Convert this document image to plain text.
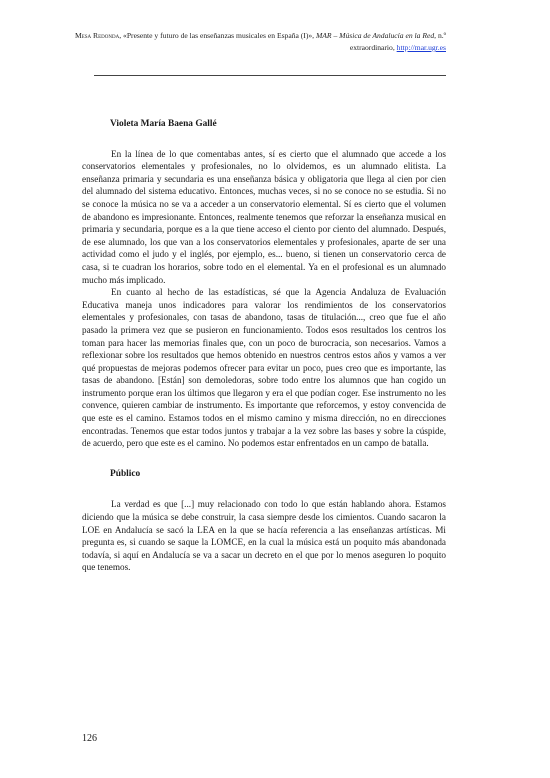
Mesa Redonda, «Presente y futuro de las enseñanzas musicales en España (I)», MAR – Música de Andalucía en la Red, n.º extraordinario, http://mar.ugr.es
Violeta María Baena Gallé

En la línea de lo que comentabas antes, sí es cierto que el alumnado que accede a los conservatorios elementales y profesionales, no lo olvidemos, es un alumnado elitista. La enseñanza primaria y secundaria es una enseñanza básica y obligatoria que llega al cien por cien del alumnado del sistema educativo. Entonces, muchas veces, si no se conoce no se estudia. Si no se conoce la música no se va a acceder a un conservatorio elemental. Sí es cierto que el volumen de abandono es impresionante. Entonces, realmente tenemos que reforzar la enseñanza musical en primaria y secundaria, porque es a la que tiene acceso el ciento por ciento del alumnado. Después, de ese alumnado, los que van a los conservatorios elementales y profesionales, aparte de ser una actividad como el judo y el inglés, por ejemplo, es... bueno, si tienen un conservatorio cerca de casa, si te cuadran los horarios, sobre todo en el elemental. Ya en el profesional es un alumnado mucho más implicado.

En cuanto al hecho de las estadísticas, sé que la Agencia Andaluza de Evaluación Educativa maneja unos indicadores para valorar los rendimientos de los conservatorios elementales y profesionales, con tasas de abandono, tasas de titulación..., creo que fue el año pasado la primera vez que se pusieron en funcionamiento. Todos esos resultados los centros los toman para hacer las memorias finales que, con un poco de burocracia, son necesarios. Vamos a reflexionar sobre los resultados que hemos obtenido en nuestros centros estos años y vamos a ver qué propuestas de mejoras podemos ofrecer para evitar un poco, pues creo que es importante, las tasas de abandono. [Están] son demoledoras, sobre todo entre los alumnos que han cogido un instrumento porque eran los últimos que llegaron y era el que podían coger. Ese instrumento no les convence, quieren cambiar de instrumento. Es importante que reforcemos, y estoy convencida de que este es el camino. Estamos todos en el mismo camino y misma dirección, no en direcciones encontradas. Tenemos que estar todos juntos y trabajar a la vez sobre las bases y sobre la cúspide, de acuerdo, pero que este es el camino. No podemos estar enfrentados en un campo de batalla.

Público

La verdad es que [...] muy relacionado con todo lo que están hablando ahora. Estamos diciendo que la música se debe construir, la casa siempre desde los cimientos. Cuando sacaron la LOE en Andalucía se sacó la LEA en la que se hacía referencia a las enseñanzas artísticas. Mi pregunta es, si cuando se saque la LOMCE, en la cual la música está un poquito más abandonada todavía, si aquí en Andalucía se va a sacar un decreto en el que por lo menos aseguren lo poquito que tenemos.

126
